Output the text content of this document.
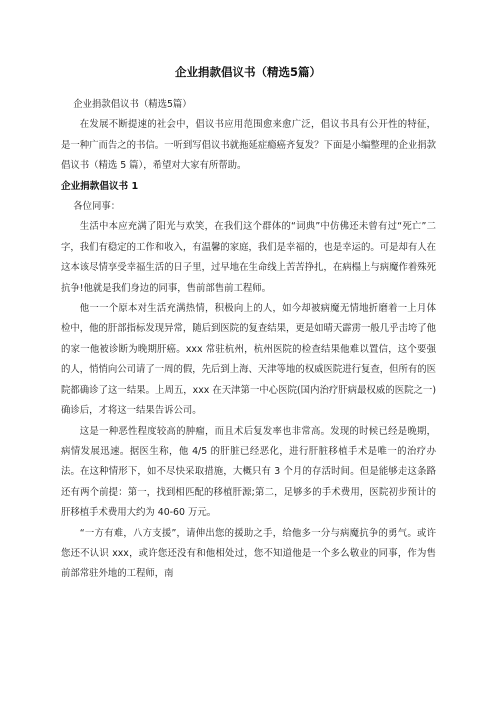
企业捐款倡议书（精选5篇）

企业捐款倡议书（精选5篇）

在发展不断提速的社会中，倡议书应用范围愈来愈广泛，倡议书具有公开性的特征，是一种广而告之的书信。一听到写倡议书就拖延症瘾癌齐复发？下面是小编整理的企业捐款倡议书（精选 5 篇），希望对大家有所帮助。

企业捐款倡议书 1

各位同事：

生活中本应充满了阳光与欢笑，在我们这个群体的“词典”中仿佛还未曾有过“死亡”二字，我们有稳定的工作和收入，有温馨的家庭，我们是幸福的，也是幸运的。可是却有人在这本该尽情享受幸福生活的日子里，过早地在生命线上苦苦挣扎，在病榻上与病魔作着殊死抗争!他就是我们身边的同事，售前部售前工程师。

他一一个原本对生活充满热情，积极向上的人，如今却被病魔无情地折磨着一上月体检中，他的肝部指标发现异常，随后到医院的复查结果，更是如晴天霹雳一般几乎击垮了他的家一他被诊断为晚期肝癌。xxx 常驻杭州，杭州医院的检查结果他难以置信，这个要强的人，悄悄向公司请了一周的假，先后到上海、天津等地的权威医院进行复查，但所有的医院都确诊了这一结果。上周五，xxx 在天津第一中心医院(国内治疗肝病最权威的医院之一)确诊后，才将这一结果告诉公司。

这是一种恶性程度较高的肿瘤，而且术后复发率也非常高。发现的时候已经是晚期，病情发展迅速。据医生称，他 4/5 的肝脏已经恶化，进行肝脏移植手术是唯一的治疗办法。在这种情形下，如不尽快采取措施，大概只有 3 个月的存活时间。但是能够走这条路还有两个前提：第一，找到相匹配的移植肝源;第二，足够多的手术费用，医院初步预计的肝移植手术费用大约为 40-60 万元。

“一方有难，八方支援”，请伸出您的援助之手，给他多一分与病魔抗争的勇气。或许您还不认识 xxx，或许您还没有和他相处过，您不知道他是一个多么敬业的同事，作为售前部常驻外地的工程师，南
